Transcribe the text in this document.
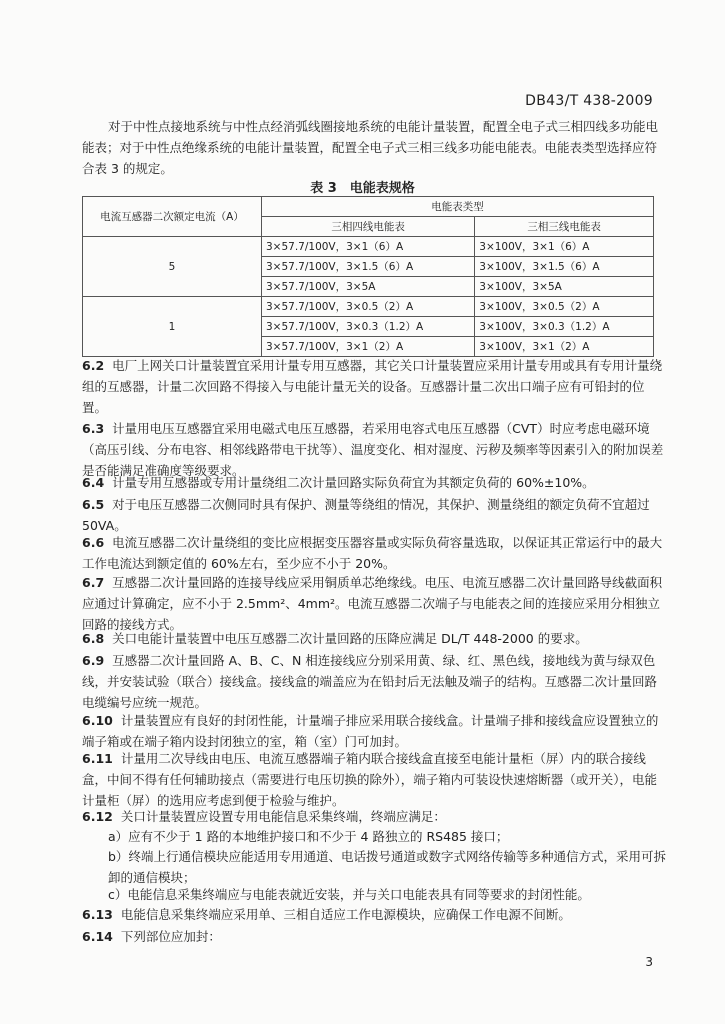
DB43/T 438-2009

对于中性点接地系统与中性点经消弧线圈接地系统的电能计量装置，配置全电子式三相四线多功能电能表；对于中性点绝缘系统的电能计量装置，配置全电子式三相三线多功能电能表。电能表类型选择应符合表 3 的规定。

表 3　电能表规格
电流互感器二次额定电流（A）	电能表类型	
	三相四线电能表	三相三线电能表
5	3×57.7/100V，3×1（6）A	3×100V，3×1（6）A
	3×57.7/100V，3×1.5（6）A	3×100V，3×1.5（6）A
	3×57.7/100V，3×5A	3×100V，3×5A
1	3×57.7/100V，3×0.5（2）A	3×100V，3×0.5（2）A
	3×57.7/100V，3×0.3（1.2）A	3×100V，3×0.3（1.2）A
	3×57.7/100V，3×1（2）A	3×100V，3×1（2）A

6.2 电厂上网关口计量装置宜采用计量专用互感器，其它关口计量装置应采用计量专用或具有专用计量绕组的互感器，计量二次回路不得接入与电能计量无关的设备。互感器计量二次出口端子应有可铅封的位置。

6.3 计量用电压互感器宜采用电磁式电压互感器，若采用电容式电压互感器（CVT）时应考虑电磁环境（高压引线、分布电容、相邻线路带电干扰等）、温度变化、相对湿度、污秽及频率等因素引入的附加误差是否能满足准确度等级要求。

6.4 计量专用互感器或专用计量绕组二次计量回路实际负荷宜为其额定负荷的 60%±10%。

6.5 对于电压互感器二次侧同时具有保护、测量等绕组的情况，其保护、测量绕组的额定负荷不宜超过 50VA。

6.6 电流互感器二次计量绕组的变比应根据变压器容量或实际负荷容量选取，以保证其正常运行中的最大工作电流达到额定值的 60%左右，至少应不小于 20%。

6.7 互感器二次计量回路的连接导线应采用铜质单芯绝缘线。电压、电流互感器二次计量回路导线截面积应通过计算确定，应不小于 2.5mm²、4mm²。电流互感器二次端子与电能表之间的连接应采用分相独立回路的接线方式。

6.8 关口电能计量装置中电压互感器二次计量回路的压降应满足 DL/T 448-2000 的要求。

6.9 互感器二次计量回路 A、B、C、N 相连接线应分别采用黄、绿、红、黑色线，接地线为黄与绿双色线，并安装试验（联合）接线盒。接线盒的端盖应为在铅封后无法触及端子的结构。互感器二次计量回路电缆编号应统一规范。

6.10 计量装置应有良好的封闭性能，计量端子排应采用联合接线盒。计量端子排和接线盒应设置独立的端子箱或在端子箱内设封闭独立的室，箱（室）门可加封。

6.11 计量用二次导线由电压、电流互感器端子箱内联合接线盒直接至电能计量柜（屏）内的联合接线盒，中间不得有任何辅助接点（需要进行电压切换的除外），端子箱内可装设快速熔断器（或开关），电能计量柜（屏）的选用应考虑到便于检验与维护。

6.12 关口计量装置应设置专用电能信息采集终端，终端应满足：

a）应有不少于 1 路的本地维护接口和不少于 4 路独立的 RS485 接口；

b）终端上行通信模块应能适用专用通道、电话拨号通道或数字式网络传输等多种通信方式，采用可拆卸的通信模块；

c）电能信息采集终端应与电能表就近安装，并与关口电能表具有同等要求的封闭性能。

6.13 电能信息采集终端应采用单、三相自适应工作电源模块，应确保工作电源不间断。

6.14 下列部位应加封：

3
